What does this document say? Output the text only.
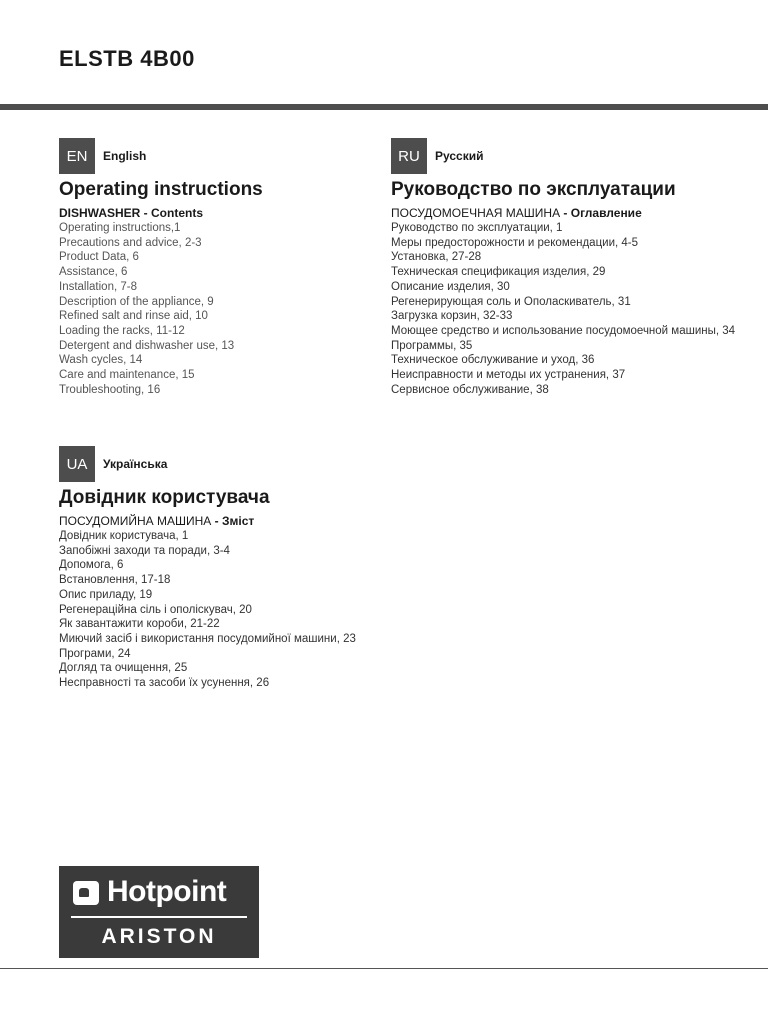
ELSTB 4B00
EN	English
Operating instructions
DISHWASHER - Contents
Operating instructions,1
Precautions and advice, 2-3
Product Data, 6
Assistance, 6
Installation, 7-8
Description of the appliance, 9
Refined salt and rinse aid, 10
Loading the racks, 11-12
Detergent and dishwasher use, 13
Wash cycles, 14
Care and maintenance, 15
Troubleshooting, 16
RU	Русский
Руководство по эксплуатации
ПОСУДОМОЕЧНАЯ МАШИНА - Оглавление
Руководство по эксплуатации, 1
Меры предосторожности и рекомендации, 4-5
Установка, 27-28
Техническая спецификация изделия, 29
Описание изделия, 30
Регенерирующая соль и Ополаскиватель, 31
Загрузка корзин, 32-33
Моющее средство и использование посудомоечной машины, 34
Программы, 35
Техническое обслуживание и уход, 36
Неисправности и методы их устранения, 37
Сервисное обслуживание, 38
UA	Українська
Довідник користувача
ПОСУДОМИЙНА МАШИНА - Зміст
Довідник користувача, 1
Запобіжні заходи та поради, 3-4
Допомога, 6
Встановлення, 17-18
Опис приладу, 19
Регенераційна сіль і ополіскувач, 20
Як завантажити короби, 21-22
Миючий засіб і використання посудомийної машини, 23
Програми, 24
Догляд та очищення, 25
Несправності та засоби їх усунення, 26
Hotpoint
ARISTON
